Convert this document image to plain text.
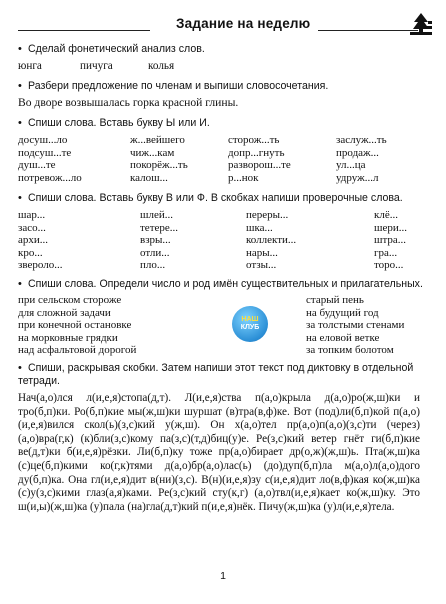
Задание на неделю
• Сделай фонетический анализ слов.
юнга	пичуга	колья
• Разбери предложение по членам и выпиши словосочетания.
Во дворе возвышалась горка красной глины.
• Спиши слова. Вставь букву Ы или И.
досуш...ло	ж...вейшего	сторож...ть	заслуж...ть
подсуш...те	чиж...кам	допр...гнуть	продаж...
душ...те	покорёж...ть	разворош...те	ул...ца
потревож...ло	калош...	р...нок	удруж...л
• Спиши слова. Вставь букву В или Ф. В скобках напиши проверочные слова.
шар...	шлей...	переры...	клё...
засо...	тетере...	шка...	шери...
архи...	взры...	коллекти...	штра...
кро...	отли...	нары...	гра...
звероло...	пло...	отзы...	торо...
• Спиши слова. Определи число и род имён существительных и прилагательных.
при сельском стороже
для сложной задачи
при конечной остановке
на морковные грядки
над асфальтовой дорогой
НАШ
КЛУБ
старый пень
на будущий год
за толстыми стенами
на еловой ветке
за топким болотом
• Спиши, раскрывая скобки. Затем напиши этот текст под диктовку в отдельной тетради.
Нач(а,о)лся л(и,е,я)стопа(д,т). Л(и,е,я)ства п(а,о)крыла д(а,о)ро(ж,ш)ки и тро(б,п)ки. Ро(б,п)кие мы(ж,ш)ки шуршат (в)тра(в,ф)ке. Вот (под)ли(б,п)кой п(а,о)(и,е,я)вился скол(ь)(з,с)кий у(ж,ш). Он х(а,о)тел пр(а,о)п(а,о)(з,с)ти (через)(а,о)вра(г,к) (к)бли(з,с)кому па(з,с)(т,д)биц(у)е. Ре(з,с)кий ветер гнёт ги(б,п)кие ве(д,т)ки б(и,е,я)рёзки. Ли(б,п)ку тоже пр(а,о)бирает др(о,ж)(ж,ш)ь. Пта(ж,ш)ка (с)це(б,п)кими ко(г,к)тями д(а,о)бр(а,о)лас(ь) (до)дуп(б,п)ла м(а,о)л(а,о)дого ду(б,п)ка. Она гл(и,е,я)дит в(ни)(з,с). В(н)(и,е,я)зу с(и,е,я)дит ло(в,ф)кая ко(ж,ш)ка (с)у(з,с)кими глаз(а,я)ками. Ре(з,с)кий сту(к,г) (а,о)твл(и,е,я)кает ко(ж,ш)ку. Это ш(и,ы)(ж,ш)ка (у)пала (на)гла(д,т)кий п(и,е,я)нёк. Пичу(ж,ш)ка (у)л(и,е,я)тела.
1
